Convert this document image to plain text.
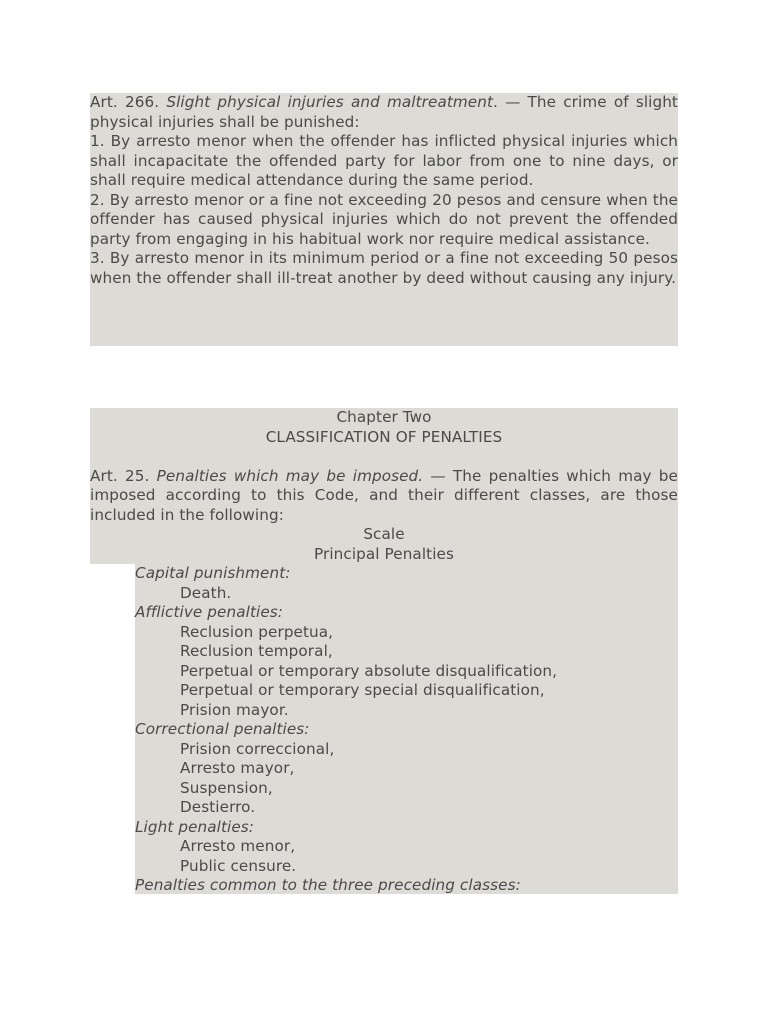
Art. 266. Slight physical injuries and maltreatment. — The crime of slight physical injuries shall be punished:

1. By arresto menor when the offender has inflicted physical injuries which shall incapacitate the offended party for labor from one to nine days, or shall require medical attendance during the same period.

2. By arresto menor or a fine not exceeding 20 pesos and censure when the offender has caused physical injuries which do not prevent the offended party from engaging in his habitual work nor require medical assistance.

3. By arresto menor in its minimum period or a fine not exceeding 50 pesos when the offender shall ill-treat another by deed without causing any injury.

Chapter Two
CLASSIFICATION OF PENALTIES

Art. 25. Penalties which may be imposed. — The penalties which may be imposed according to this Code, and their different classes, are those included in the following:

Scale
Principal Penalties
Capital punishment:
Death.
Afflictive penalties:
Reclusion perpetua,
Reclusion temporal,
Perpetual or temporary absolute disqualification,
Perpetual or temporary special disqualification,
Prision mayor.
Correctional penalties:
Prision correccional,
Arresto mayor,
Suspension,
Destierro.
Light penalties:
Arresto menor,
Public censure.
Penalties common to the three preceding classes:
